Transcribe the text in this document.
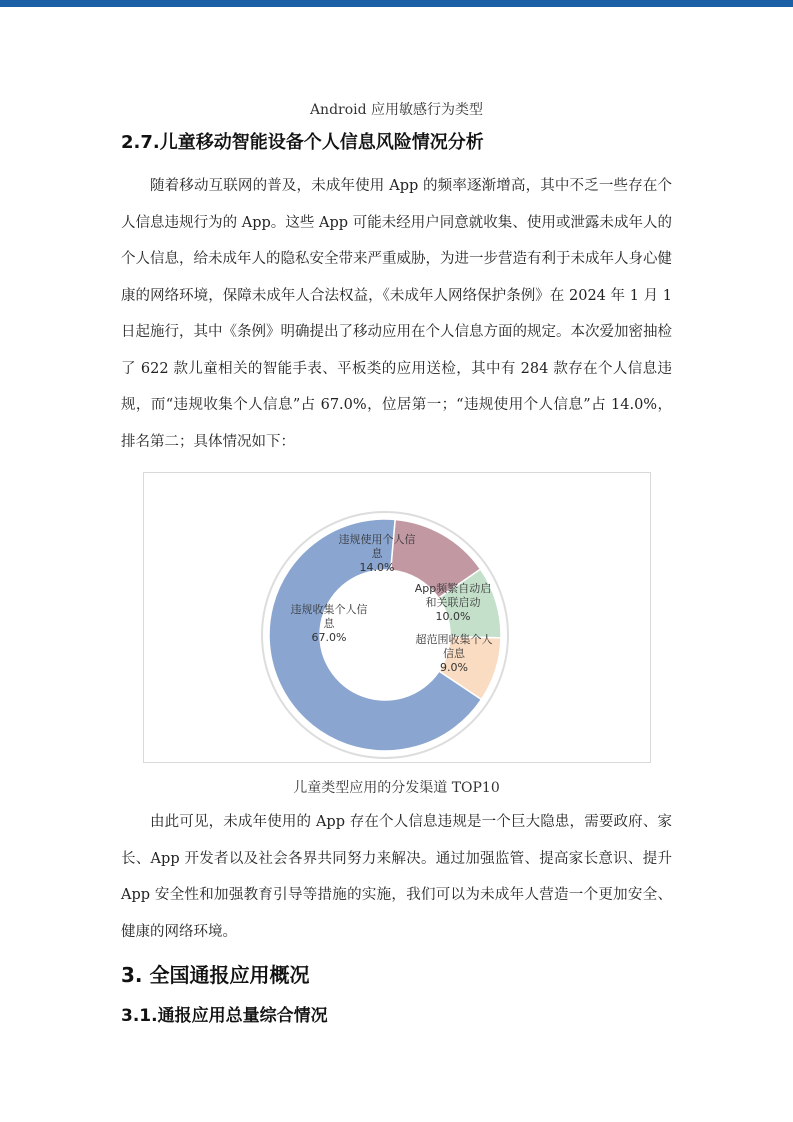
Android 应用敏感行为类型
2.7.儿童移动智能设备个人信息风险情况分析

随着移动互联网的普及，未成年使用 App 的频率逐渐增高，其中不乏一些存在个人信息违规行为的 App。这些 App 可能未经用户同意就收集、使用或泄露未成年人的个人信息，给未成年人的隐私安全带来严重威胁，为进一步营造有利于未成年人身心健康的网络环境，保障未成年人合法权益，《未成年人网络保护条例》在 2024 年 1 月 1 日起施行，其中《条例》明确提出了移动应用在个人信息方面的规定。本次爱加密抽检了 622 款儿童相关的智能手表、平板类的应用送检，其中有 284 款存在个人信息违规，而“违规收集个人信息”占 67.0%，位居第一；“违规使用个人信息”占 14.0%，排名第二；具体情况如下：

违规收集个人信息 67.0%
违规使用个人信息 14.0%
App频繁自动启和关联启动 10.0%
超范围收集个人信息 9.0%
儿童类型应用的分发渠道 TOP10

由此可见，未成年使用的 App 存在个人信息违规是一个巨大隐患，需要政府、家长、App 开发者以及社会各界共同努力来解决。通过加强监管、提高家长意识、提升 App 安全性和加强教育引导等措施的实施，我们可以为未成年人营造一个更加安全、健康的网络环境。

3. 全国通报应用概况
3.1.通报应用总量综合情况
